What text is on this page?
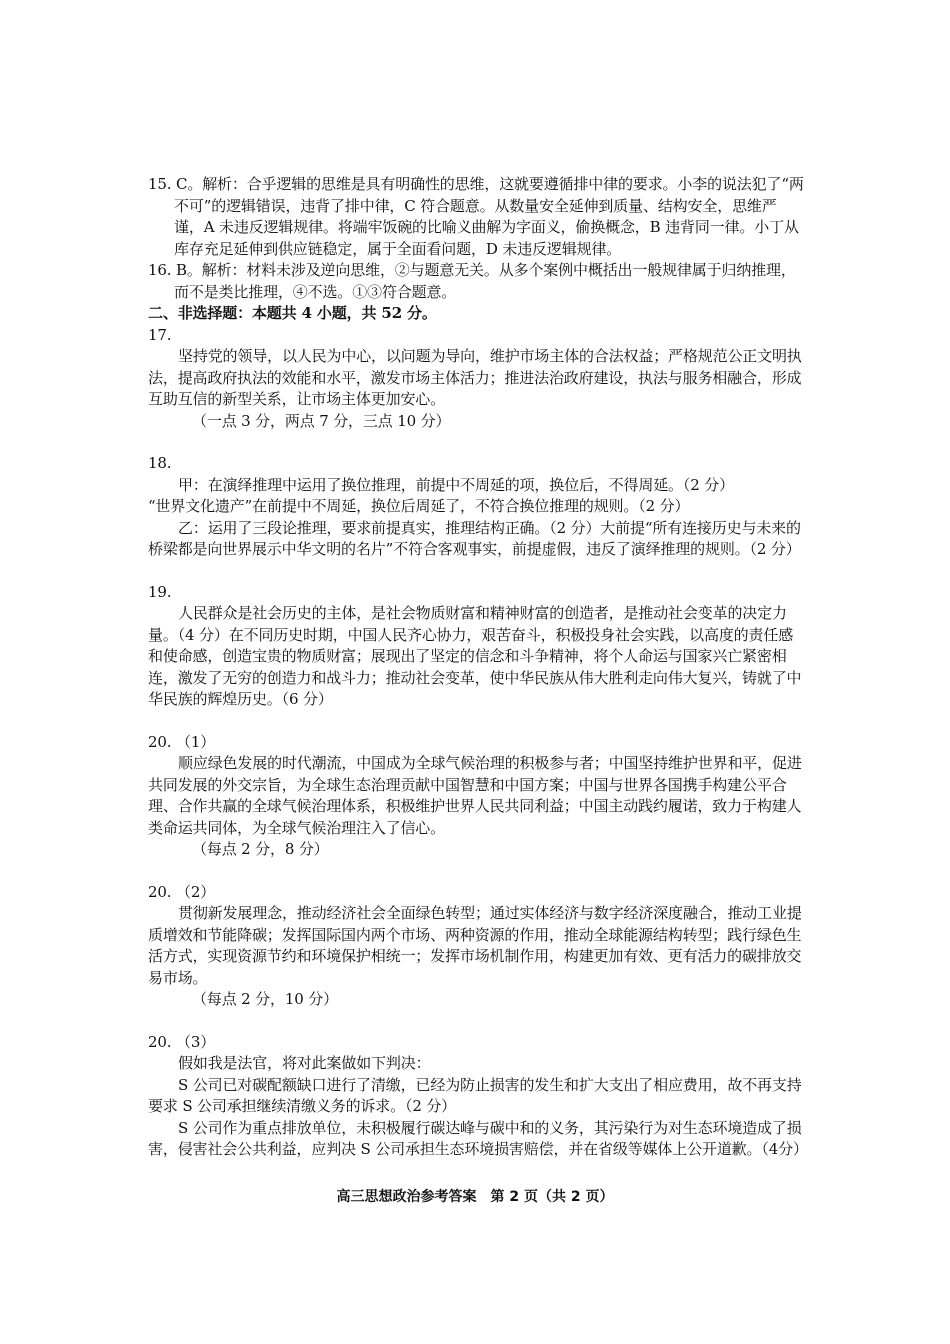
15. C。解析：合乎逻辑的思维是具有明确性的思维，这就要遵循排中律的要求。小李的说法犯了“两不可”的逻辑错误，违背了排中律，C 符合题意。从数量安全延伸到质量、结构安全，思维严谨，A 未违反逻辑规律。将端牢饭碗的比喻义曲解为字面义，偷换概念，B 违背同一律。小丁从库存充足延伸到供应链稳定，属于全面看问题，D 未违反逻辑规律。

16. B。解析：材料未涉及逆向思维，②与题意无关。从多个案例中概括出一般规律属于归纳推理，而不是类比推理，④不选。①③符合题意。

二、非选择题：本题共 4 小题，共 52 分。

17.

坚持党的领导，以人民为中心，以问题为导向，维护市场主体的合法权益；严格规范公正文明执法，提高政府执法的效能和水平，激发市场主体活力；推进法治政府建设，执法与服务相融合，形成互助互信的新型关系，让市场主体更加安心。

（一点 3 分，两点 7 分，三点 10 分）

18.

甲：在演绎推理中运用了换位推理，前提中不周延的项，换位后，不得周延。（2 分）

“世界文化遗产”在前提中不周延，换位后周延了，不符合换位推理的规则。（2 分）

乙：运用了三段论推理，要求前提真实，推理结构正确。（2 分）大前提“所有连接历史与未来的桥梁都是向世界展示中华文明的名片”不符合客观事实，前提虚假，违反了演绎推理的规则。（2 分）

19.

人民群众是社会历史的主体，是社会物质财富和精神财富的创造者，是推动社会变革的决定力量。（4 分）在不同历史时期，中国人民齐心协力，艰苦奋斗，积极投身社会实践，以高度的责任感和使命感，创造宝贵的物质财富；展现出了坚定的信念和斗争精神，将个人命运与国家兴亡紧密相连，激发了无穷的创造力和战斗力；推动社会变革，使中华民族从伟大胜利走向伟大复兴，铸就了中华民族的辉煌历史。（6 分）

20. （1）

顺应绿色发展的时代潮流，中国成为全球气候治理的积极参与者；中国坚持维护世界和平，促进共同发展的外交宗旨，为全球生态治理贡献中国智慧和中国方案；中国与世界各国携手构建公平合理、合作共赢的全球气候治理体系，积极维护世界人民共同利益；中国主动践约履诺，致力于构建人类命运共同体，为全球气候治理注入了信心。

（每点 2 分，8 分）

20. （2）

贯彻新发展理念，推动经济社会全面绿色转型；通过实体经济与数字经济深度融合，推动工业提质增效和节能降碳；发挥国际国内两个市场、两种资源的作用，推动全球能源结构转型；践行绿色生活方式，实现资源节约和环境保护相统一；发挥市场机制作用，构建更加有效、更有活力的碳排放交易市场。

（每点 2 分，10 分）

20. （3）

假如我是法官，将对此案做如下判决：

S 公司已对碳配额缺口进行了清缴，已经为防止损害的发生和扩大支出了相应费用，故不再支持要求 S 公司承担继续清缴义务的诉求。（2 分）

S 公司作为重点排放单位，未积极履行碳达峰与碳中和的义务，其污染行为对生态环境造成了损害，侵害社会公共利益，应判决 S 公司承担生态环境损害赔偿，并在省级等媒体上公开道歉。（4分）

高三思想政治参考答案　第 2 页（共 2 页）
